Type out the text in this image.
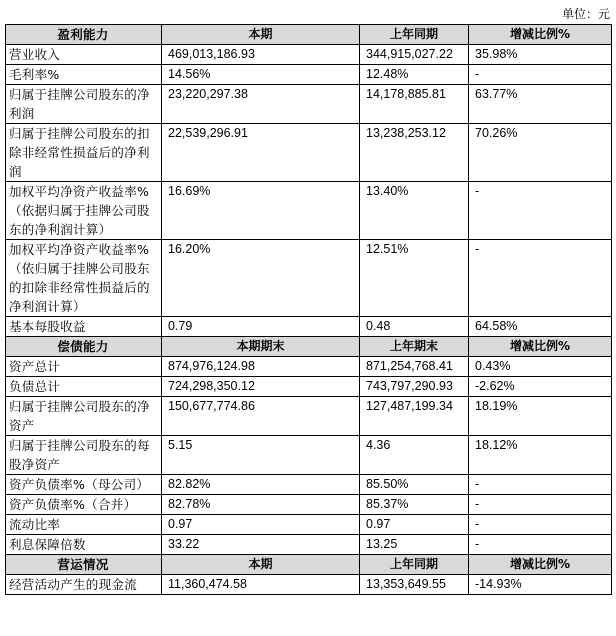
单位：元
盈利能力	本期	上年同期	增减比例%
营业收入	469,013,186.93	344,915,027.22	35.98%
毛利率%	14.56%	12.48%	-
归属于挂牌公司股东的净利润	23,220,297.38	14,178,885.81	63.77%
归属于挂牌公司股东的扣除非经常性损益后的净利润	22,539,296.91	13,238,253.12	70.26%
加权平均净资产收益率%（依据归属于挂牌公司股东的净利润计算）	16.69%	13.40%	-
加权平均净资产收益率%（依归属于挂牌公司股东的扣除非经常性损益后的净利润计算）	16.20%	12.51%	-
基本每股收益	0.79	0.48	64.58%
偿债能力	本期期末	上年期末	增减比例%
资产总计	874,976,124.98	871,254,768.41	0.43%
负债总计	724,298,350.12	743,797,290.93	-2.62%
归属于挂牌公司股东的净资产	150,677,774.86	127,487,199.34	18.19%
归属于挂牌公司股东的每股净资产	5.15	4.36	18.12%
资产负债率%（母公司）	82.82%	85.50%	-
资产负债率%（合并）	82.78%	85.37%	-
流动比率	0.97	0.97	-
利息保障倍数	33.22	13.25	-
营运情况	本期	上年同期	增减比例%
经营活动产生的现金流	11,360,474.58	13,353,649.55	-14.93%
